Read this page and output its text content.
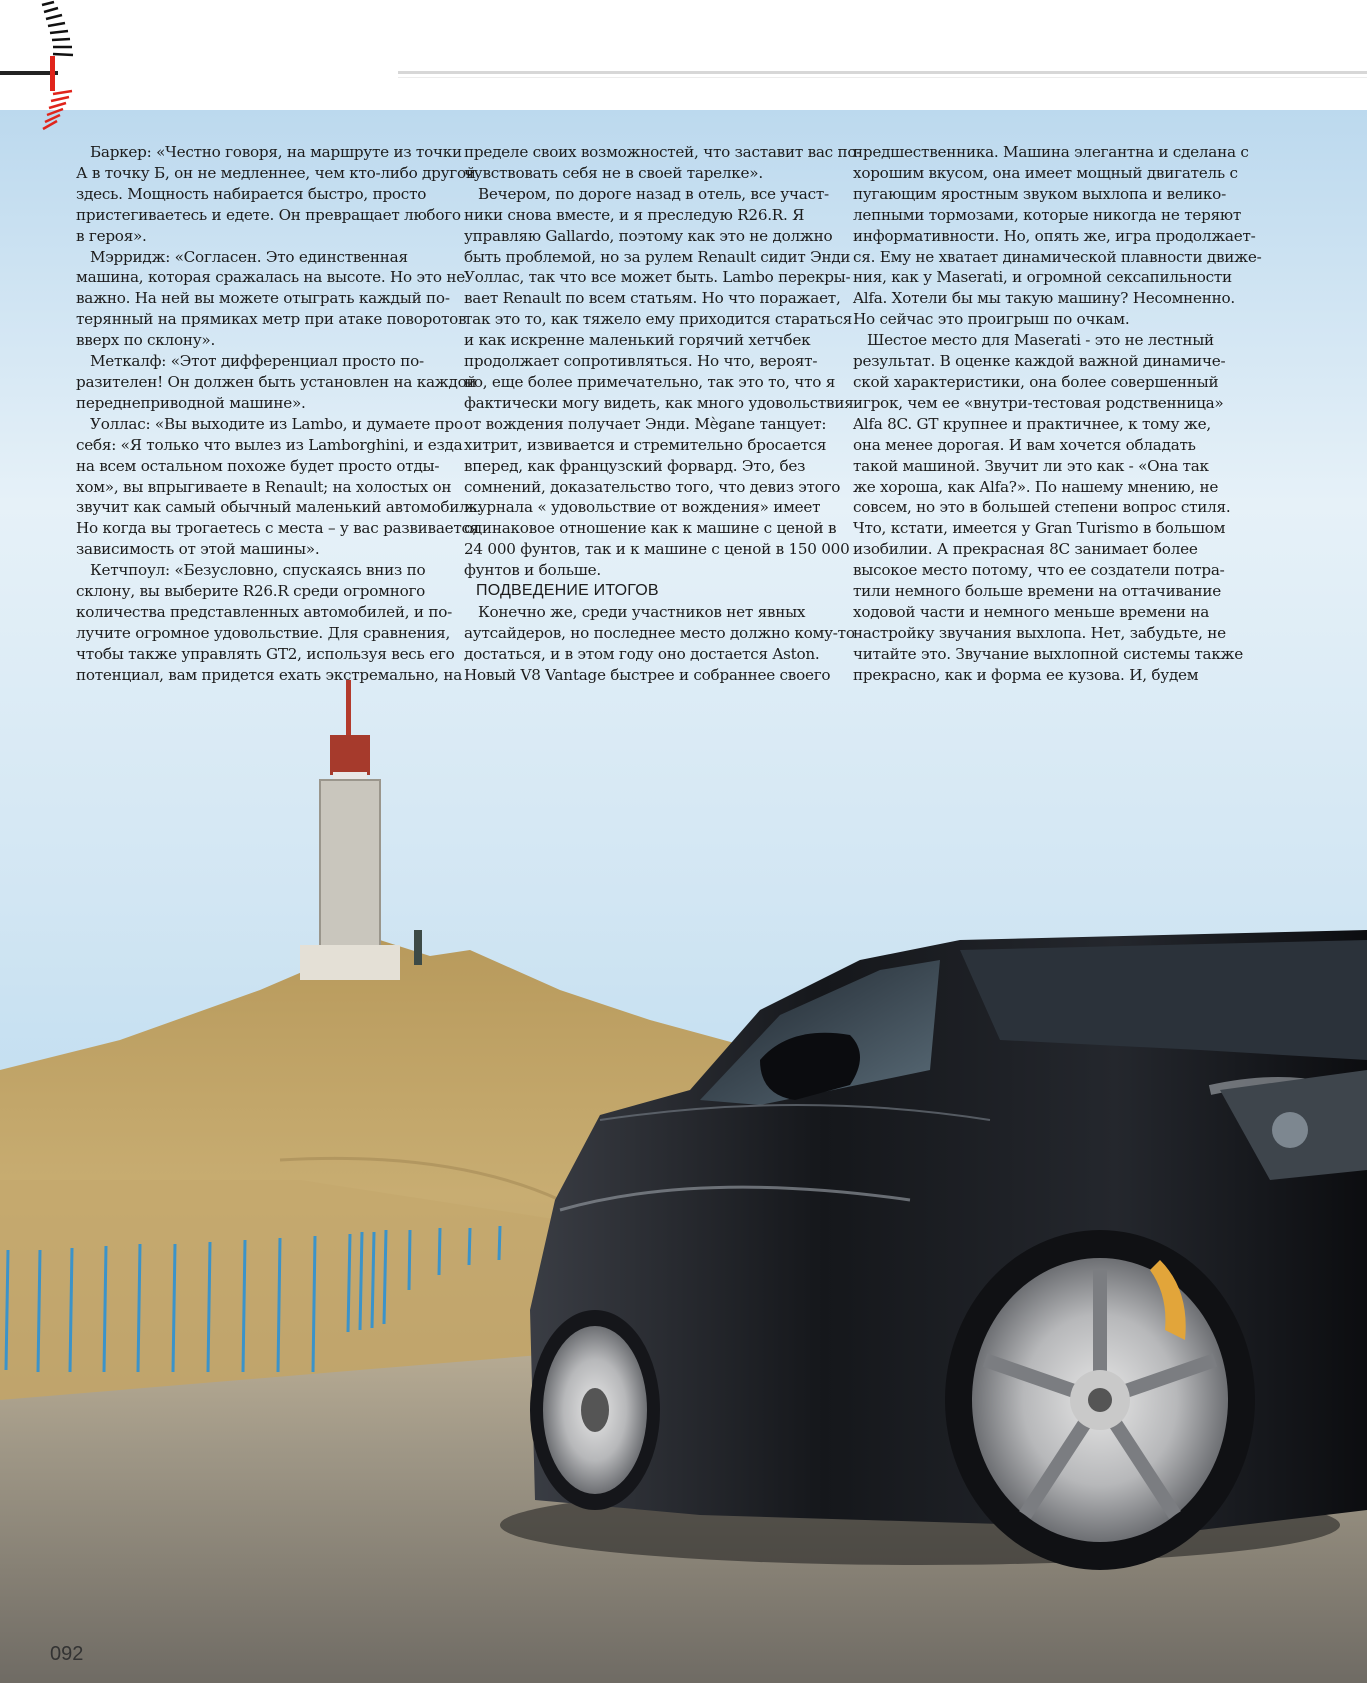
Баркер: «Честно говоря, на маршруте из точки

А в точку Б, он не медленнее, чем кто-либо другой

здесь. Мощность набирается быстро, просто

пристегиваетесь и едете. Он превращает любого

в героя».

Мэрридж: «Согласен. Это единственная

машина, которая сражалась на высоте. Но это не

важно. На ней вы можете отыграть каждый по-

терянный на прямиках метр при атаке поворотов

вверх по склону».

Меткалф: «Этот дифференциал просто по-

разителен! Он должен быть установлен на каждой

переднеприводной машине».

Уоллас: «Вы выходите из Lambo, и думаете про

себя: «Я только что вылез из Lamborghini, и езда

на всем остальном похоже будет просто отды-

хом», вы впрыгиваете в Renault; на холостых он

звучит как самый обычный маленький автомобиль.

Но когда вы трогаетесь с места – у вас развивается

зависимость от этой машины».

Кетчпоул: «Безусловно, спускаясь вниз по

склону, вы выберите R26.R среди огромного

количества представленных автомобилей, и по-

лучите огромное удовольствие. Для сравнения,

чтобы также управлять GT2, используя весь его

потенциал, вам придется ехать экстремально, на

пределе своих возможностей, что заставит вас по-

чувствовать себя не в своей тарелке».

Вечером, по дороге назад в отель, все участ-

ники снова вместе, и я преследую R26.R. Я

управляю Gallardo, поэтому как это не должно

быть проблемой, но за рулем Renault сидит Энди

Уоллас, так что все может быть. Lambo перекры-

вает Renault по всем статьям. Но что поражает,

так это то, как тяжело ему приходится стараться

и как искренне маленький горячий хетчбек

продолжает сопротивляться. Но что, вероят-

но, еще более примечательно, так это то, что я

фактически могу видеть, как много удовольствия

от вождения получает Энди. Mègane танцует:

хитрит, извивается и стремительно бросается

вперед, как французский форвард. Это, без

сомнений, доказательство того, что девиз этого

журнала « удовольствие от вождения» имеет

одинаковое отношение как к машине с ценой в

24 000 фунтов, так и к машине с ценой в 150 000

фунтов и больше.

ПОДВЕДЕНИЕ ИТОГОВ

Конечно же, среди участников нет явных

аутсайдеров, но последнее место должно кому-то

достаться, и в этом году оно достается Aston.

Новый V8 Vantage быстрее и собраннее своего

предшественника. Машина элегантна и сделана с

хорошим вкусом, она имеет мощный двигатель с

пугающим яростным звуком выхлопа и велико-

лепными тормозами, которые никогда не теряют

информативности. Но, опять же, игра продолжает-

ся. Ему не хватает динамической плавности движе-

ния, как у Maserati, и огромной сексапильности

Alfa. Хотели бы мы такую машину? Несомненно.

Но сейчас это проигрыш по очкам.

Шестое место для Maserati - это не лестный

результат. В оценке каждой важной динамиче-

ской характеристики, она более совершенный

игрок, чем ее «внутри-тестовая родственница»

Alfa 8C. GT крупнее и практичнее, к тому же,

она менее дорогая. И вам хочется обладать

такой машиной. Звучит ли это как - «Она так

же хороша, как Alfa?». По нашему мнению, не

совсем, но это в большей степени вопрос стиля.

Что, кстати, имеется у Gran Turismo в большом

изобилии. А прекрасная 8С занимает более

высокое место потому, что ее создатели потра-

тили немного больше времени на оттачивание

ходовой части и немного меньше времени на

настройку звучания выхлопа. Нет, забудьте, не

читайте это. Звучание выхлопной системы также

прекрасно, как и форма ее кузова. И, будем

092
